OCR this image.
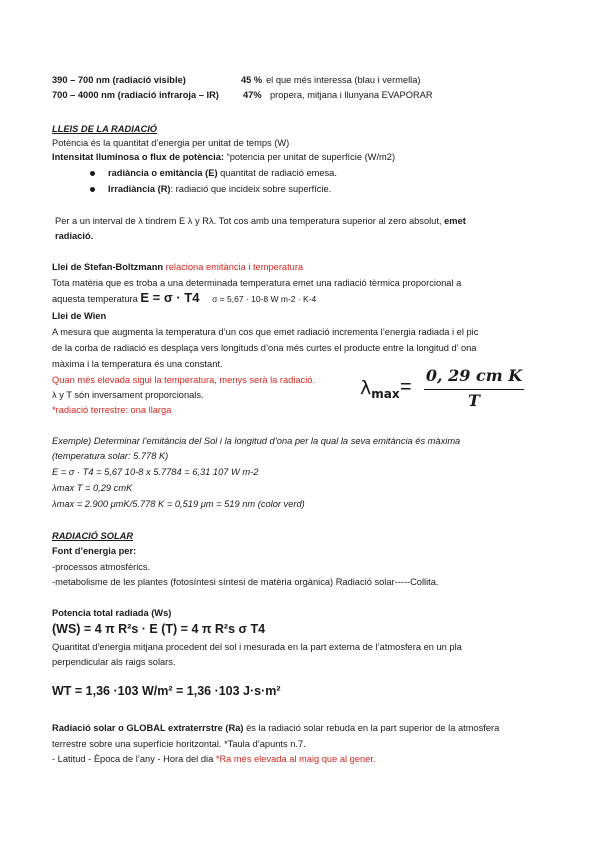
390 – 700 nm (radiació visible)	45 % el que més interessa (blau i vermella)
700 – 4000 nm (radiació infraroja – IR)	47% propera, mitjana i llunyana EVAPORAR
LLEIS DE LA RADIACIÓ
Potència és la quantitat d’energia per unitat de temps (W)
Intensitat lluminosa o flux de potència: “potencia per unitat de superfície (W/m2)
radiància o emitància (E) quantitat de radiació emesa.
Irradiància (R): radiació que incideix sobre superfície.
Per a un interval de λ tindrem E λ y Rλ. Tot cos amb una temperatura superior al zero absolut, emet
radiació.
Llei de Stefan-Boltzmann relaciona emitància i temperatura
Tota matèria que es troba a una determinada temperatura emet una radiació tèrmica proporcional a
aquesta temperatura E = σ · T4 σ = 5,67 · 10-8 W m-2 · K-4
Llei de Wien
A mesura que augmenta la temperatura d’un cos que emet radiació incrementa l’energia radiada i el pic
de la corba de radiació es desplaça vers longituds d’ona més curtes el producte entre la longitud d’ ona
màxima i la temperatura és una constant.
Quan més elevada sigui la temperatura, menys serà la radiació.
λ y T són inversament proporcionals.
*radiació terrestre: ona llarga
$\lambda_{max}$ =
0, 29 cm K
T
Exemple) Determinar l’emitància del Sol i la longitud d’ona per la qual la seva emitància és màxima
(temperatura solar: 5.778 K)
E = σ · T4 = 5,67 10-8 x 5.7784 = 6,31 107 W m-2
λmax T = 0,29 cmK
λmax = 2.900 μmK/5.778 K = 0,519 μm = 519 nm (color verd)
RADIACIÓ SOLAR
Font d’energia per:
-processos atmosfèrics.
-metabolisme de les plantes (fotosíntesi síntesi de matèria orgànica) Radiació solar-----Collita.
Potencia total radiada (Ws)
(WS) = 4 π R²s · E (T) = 4 π R²s σ T4
Quantitat d’energia mitjana procedent del sol i mesurada en la part externa de l’atmosfera en un pla
perpendicular als raigs solars.
WT = 1,36 ·103 W/m² = 1,36 ·103 J·s·m²
Radiació solar o GLOBAL extraterrstre (Ra) és la radiació solar rebuda en la part superior de la atmosfera
terrestre sobre una superfície horitzontal. *Taula d’apunts n.7.
- Latitud - Època de l’any - Hora del dia *Ra més elevada al maig que al gener.
